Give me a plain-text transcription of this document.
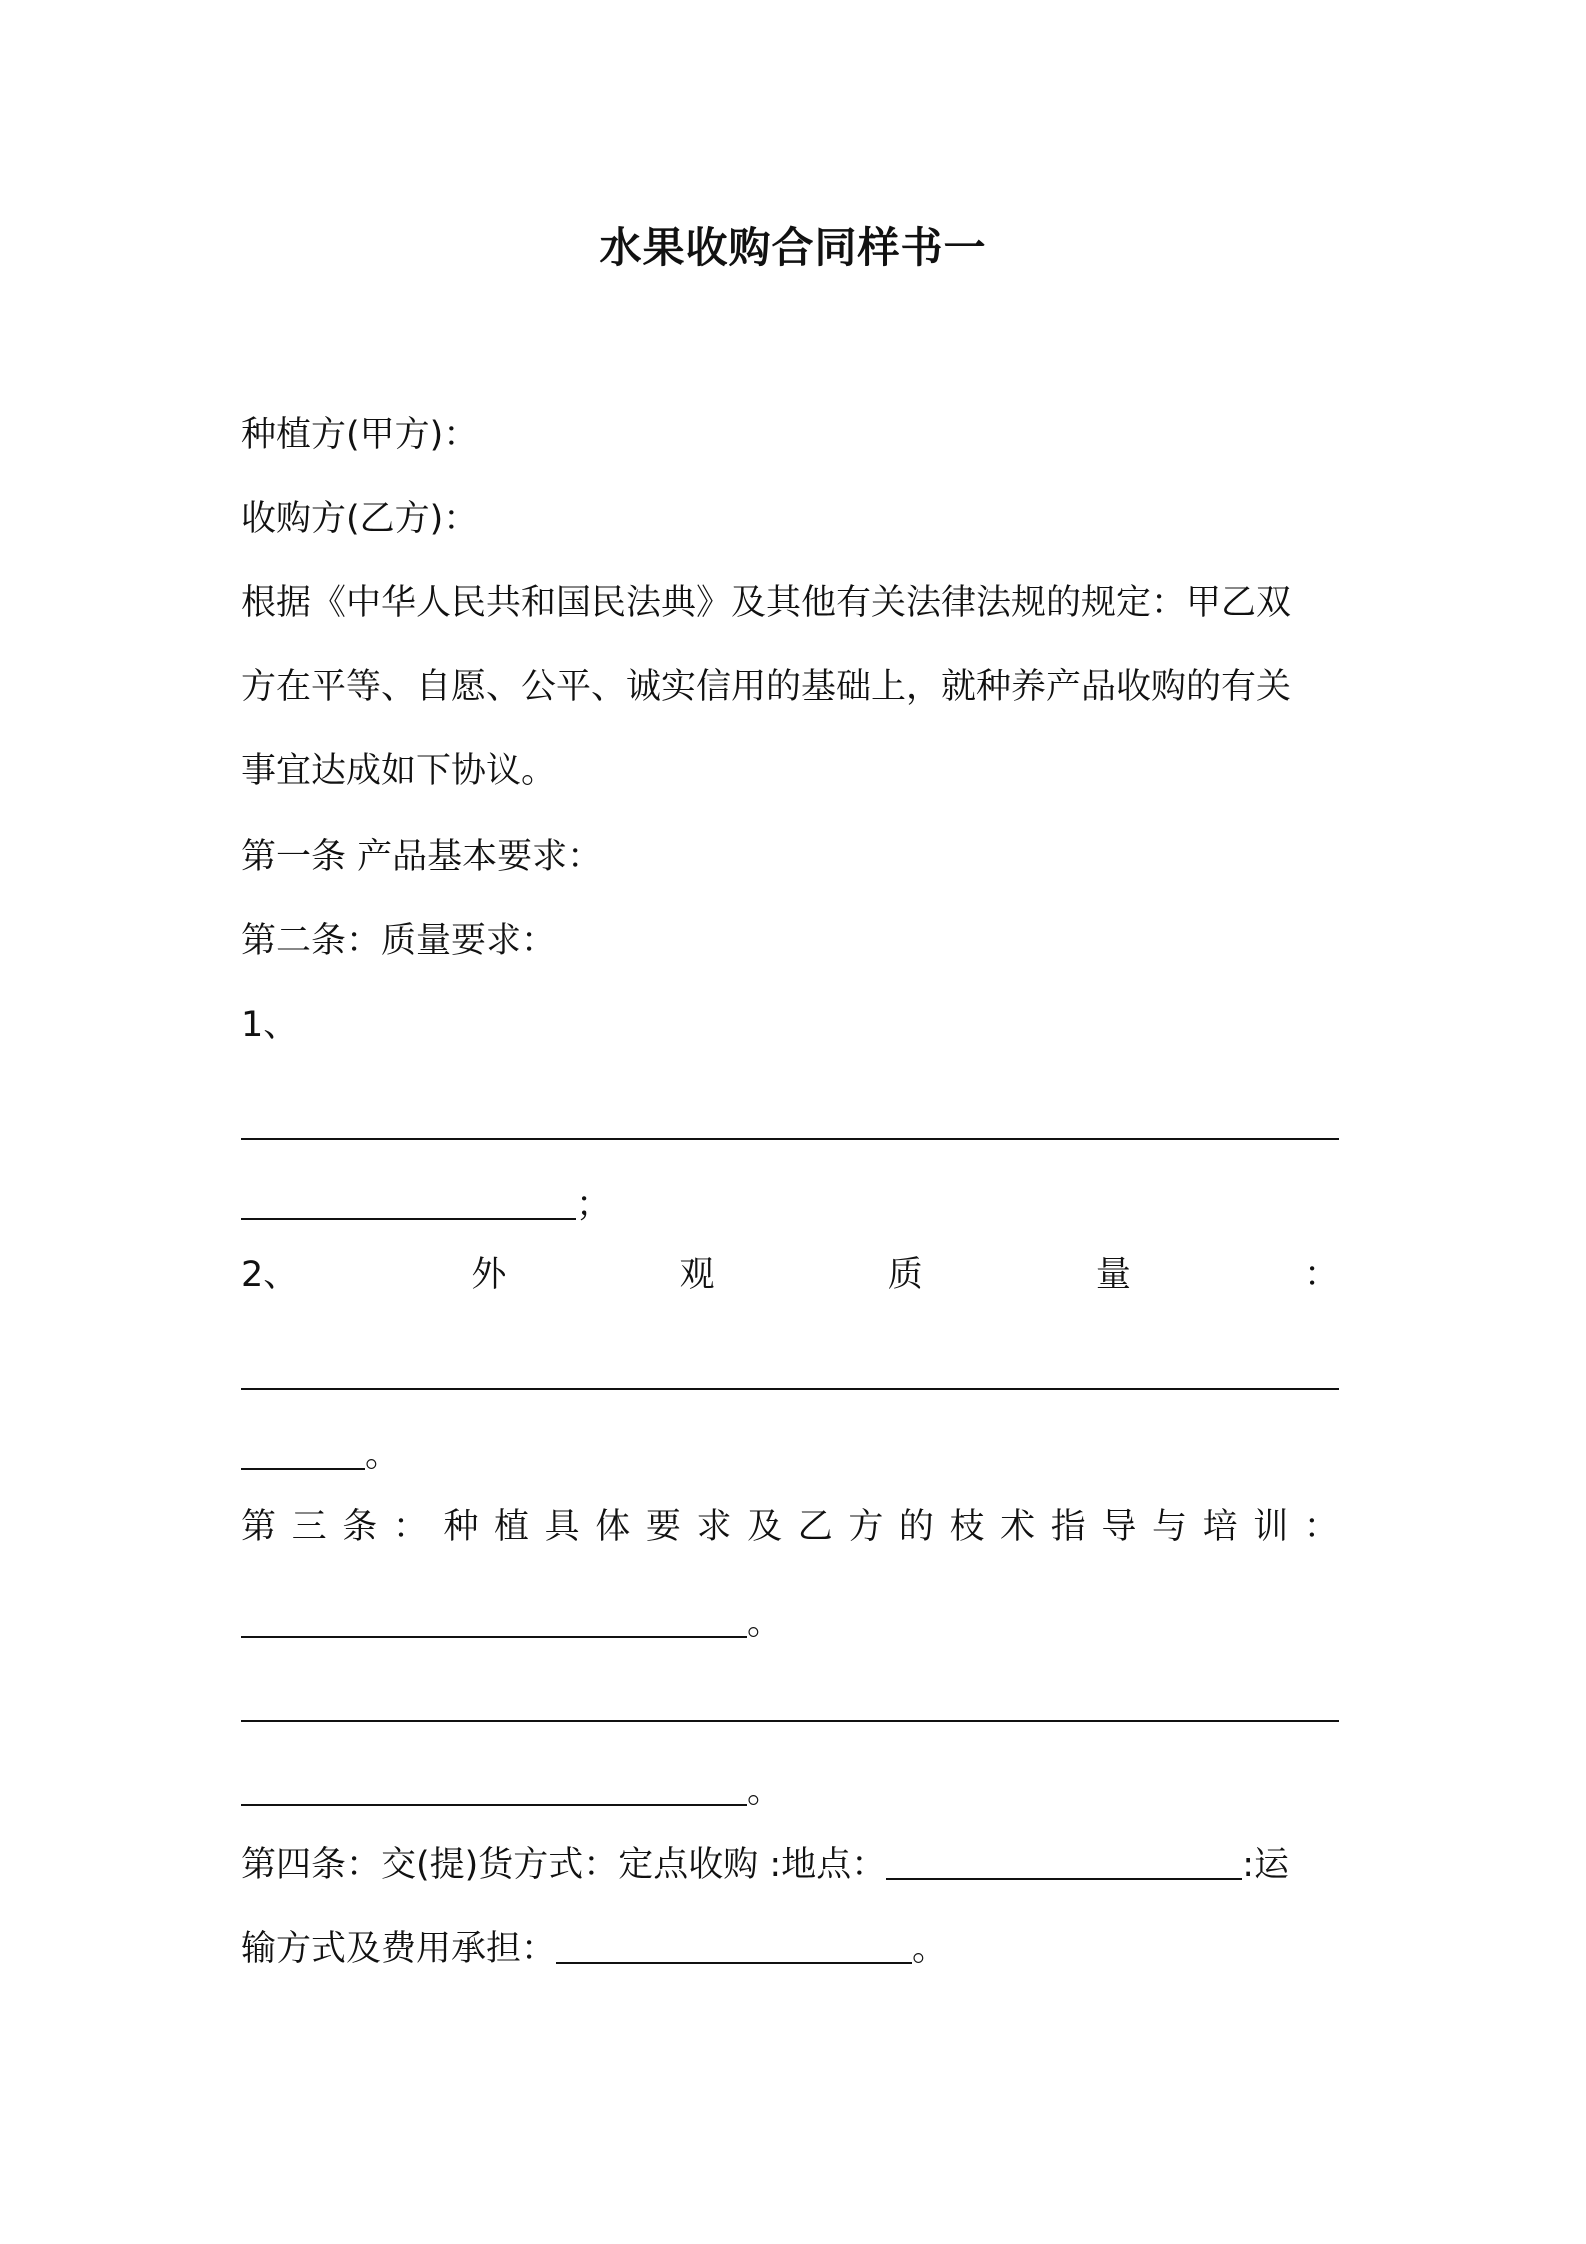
水果收购合同样书一
种植方(甲方)：
收购方(乙方)：
根据《中华人民共和国民法典》及其他有关法律法规的规定：甲乙双
方在平等、自愿、公平、诚实信用的基础上，就种养产品收购的有关
事宜达成如下协议。
第一条 产品基本要求：
第二条：质量要求：
1、
；
2、	外	观	质	量	：
。
第 三 条 ： 种 植 具 体 要 求 及 乙 方 的 枝 术 指 导 与 培 训 ：
。
。
第四条：交(提)货方式：定点收购 :地点：	:运
输方式及费用承担：	。
